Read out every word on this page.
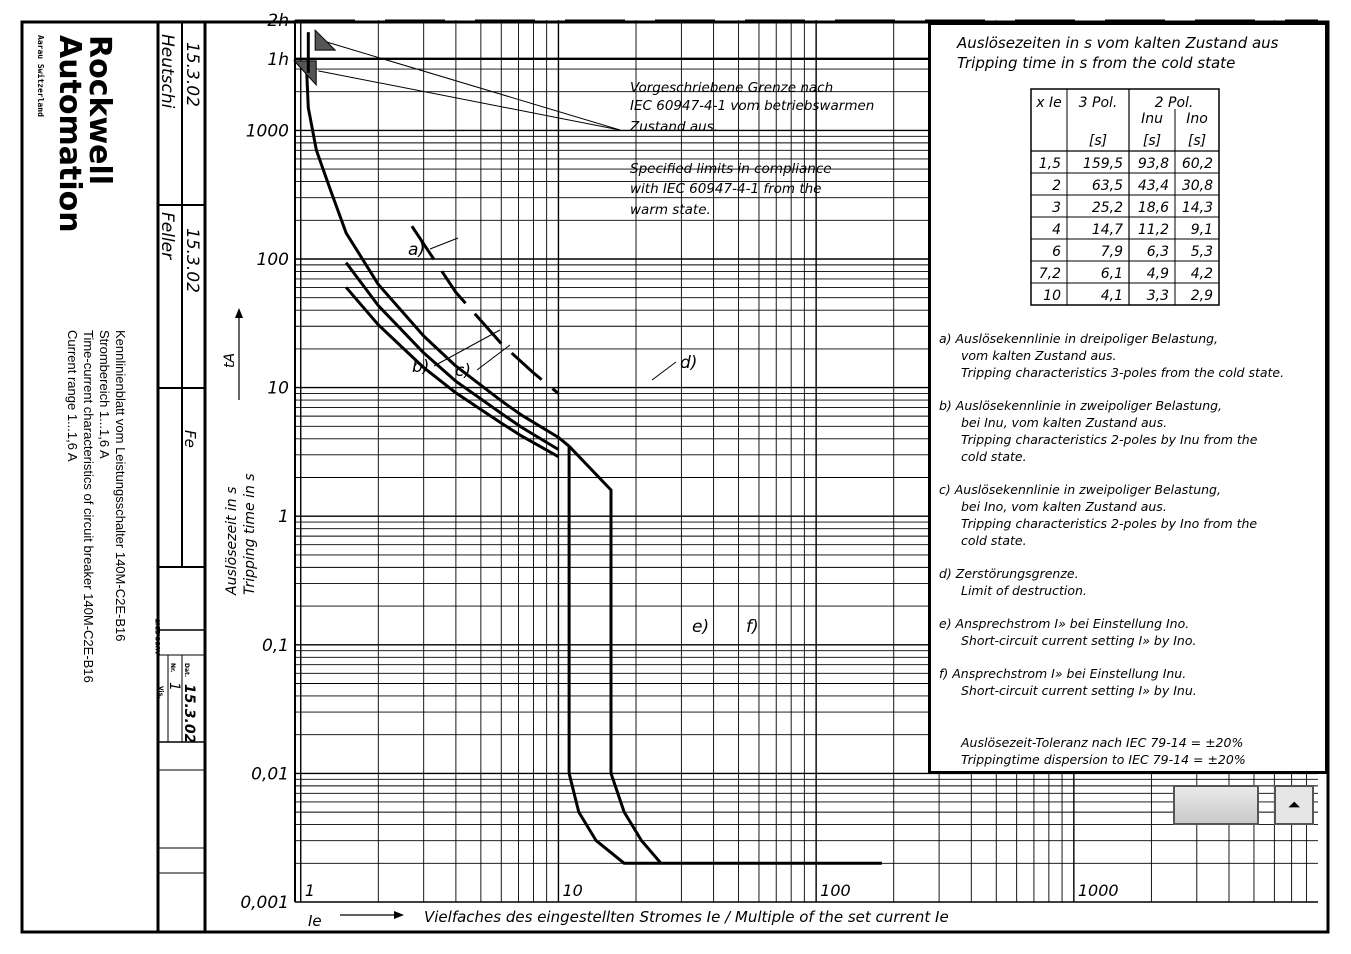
Rockwell
Automation
Aarau Switzerland
Kennlinienblatt vom Leistungsschalter 140M-C2E-B16
Strombereich 1...1,6 A
Time-current characteristics of circuit breaker 140M-C2E-B16
Current range 1...1,6 A
15.3.02
Heutschi
15.3.02
Feller
Fe
AUSG.EDIT
Nr.
1
Dat.
15.3.02
Vis.
a)
b) c)	d)
e) f)
0,001
0,01
0,1
1
10
100
1000
1h
2h
1	10	100	1000
Auslösezeit in s Tripping time in s
tA
Ie	Vielfaches des eingestellten Stromes Ie / Multiple of the set current Ie
Vorgeschriebene Grenze nach
IEC 60947-4-1 vom betriebswarmen
Zustand aus.
Specified limits in compliance
with IEC 60947-4-1 from the
warm state.
Auslösezeiten in s vom kalten Zustand aus
Tripping time in s from the cold state
x Ie 3 Pol.	2 Pol.
Inu Ino
[s]	[s] [s]
1,5 159,5 93,8 60,2
2 63,5 43,4 30,8
3 25,2 18,6 14,3
4 14,7 11,2 9,1
6	7,9 6,3 5,3
7,2	6,1 4,9 4,2
10	4,1 3,3 2,9
a) Auslösekennlinie in dreipoliger Belastung,
vom kalten Zustand aus.
Tripping characteristics 3-poles from the cold state.
b) Auslösekennlinie in zweipoliger Belastung,
bei Inu, vom kalten Zustand aus.
Tripping characteristics 2-poles by Inu from the
cold state.
c) Auslösekennlinie in zweipoliger Belastung,
bei Ino, vom kalten Zustand aus.
Tripping characteristics 2-poles by Ino from the
cold state.
d) Zerstörungsgrenze.
Limit of destruction.
e) Ansprechstrom I» bei Einstellung Ino.
Short-circuit current setting I» by Ino.
f) Ansprechstrom I» bei Einstellung Inu.
Short-circuit current setting I» by Inu.
Auslösezeit-Toleranz nach IEC 79-14 = ±20%
Trippingtime dispersion to IEC 79-14 = ±20%
⏶
